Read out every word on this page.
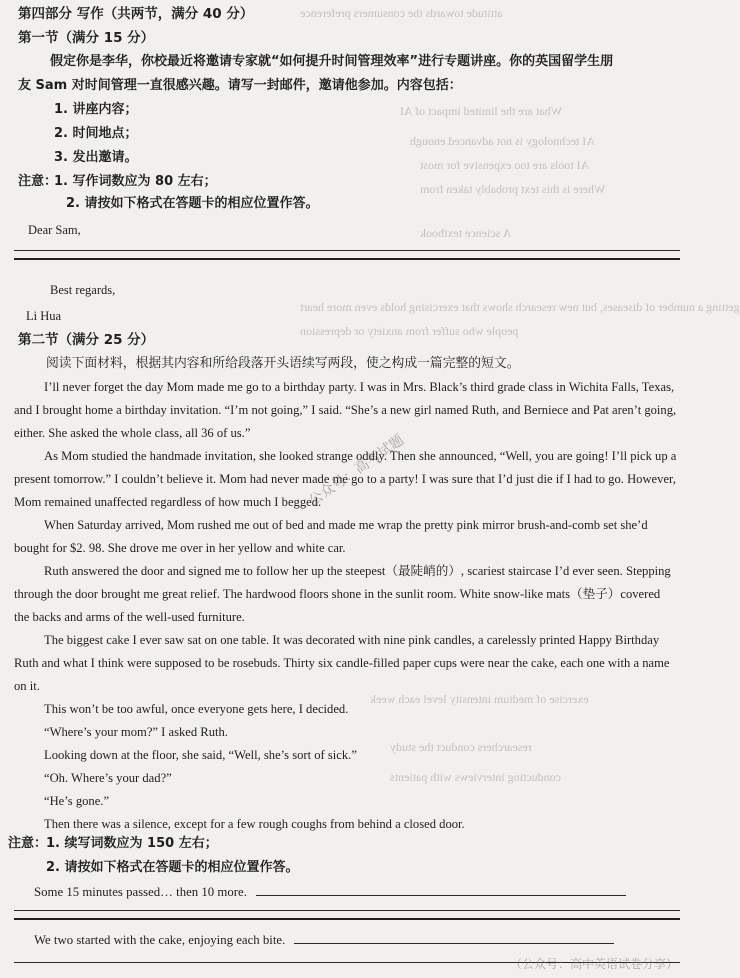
attitude towards the consumers preference
What are the limited impact of AI
AI technology is not advanced enough
AI tools are too expensive for most
Where is this text probably taken from
A science textbook
getting a number of diseases, but new research shows that exercising holds even more heart
people who suffer from anxiety or depression
exercise of medium intensity level each week
researchers conduct the study
conducting interviews with patients
第四部分 写作（共两节，满分 40 分）
第一节（满分 15 分）
假定你是李华，你校最近将邀请专家就“如何提升时间管理效率”进行专题讲座。你的英国留学生朋
友 Sam 对时间管理一直很感兴趣。请写一封邮件，邀请他参加。内容包括：
1. 讲座内容；
2. 时间地点；
3. 发出邀请。
注意：
1. 写作词数应为 80 左右；
2. 请按如下格式在答题卡的相应位置作答。
Dear Sam,
Best regards,
Li Hua
第二节（满分 25 分）
阅读下面材料，根据其内容和所给段落开头语续写两段，使之构成一篇完整的短文。

I’ll never forget the day Mom made me go to a birthday party. I was in Mrs. Black’s third grade class in Wichita Falls, Texas, and I brought home a birthday invitation. “I’m not going,” I said. “She’s a new girl named Ruth, and Berniece and Pat aren’t going, either. She asked the whole class, all 36 of us.”

As Mom studied the handmade invitation, she looked strange oddly. Then she announced, “Well, you are going! I’ll pick up a present tomorrow.” I couldn’t believe it. Mom had never made me go to a party! I was sure that I’d just die if I had to go. However, Mom remained unaffected regardless of how much I begged.

When Saturday arrived, Mom rushed me out of bed and made me wrap the pretty pink mirror brush-and-comb set she’d bought for $2. 98. She drove me over in her yellow and white car.

Ruth answered the door and signed me to follow her up the steepest（最陡峭的）, scariest staircase I’d ever seen. Stepping through the door brought me great relief. The hardwood floors shone in the sunlit room. White snow-like mats（垫子）covered the backs and arms of the well-used furniture.

The biggest cake I ever saw sat on one table. It was decorated with nine pink candles, a carelessly printed Happy Birthday Ruth and what I think were supposed to be rosebuds. Thirty six candle-filled paper cups were near the cake, each one with a name on it.

This won’t be too awful, once everyone gets here, I decided.

“Where’s your mom?” I asked Ruth.

Looking down at the floor, she said, “Well, she’s sort of sick.”

“Oh. Where’s your dad?”

“He’s gone.”

Then there was a silence, except for a few rough coughs from behind a closed door.

注意：
1. 续写词数应为 150 左右；
2. 请按如下格式在答题卡的相应位置作答。
Some 15 minutes passed… then 10 more.
We two started with the cake, enjoying each bite.
公众号：高考试题
（公众号：高中英语试卷分享）
